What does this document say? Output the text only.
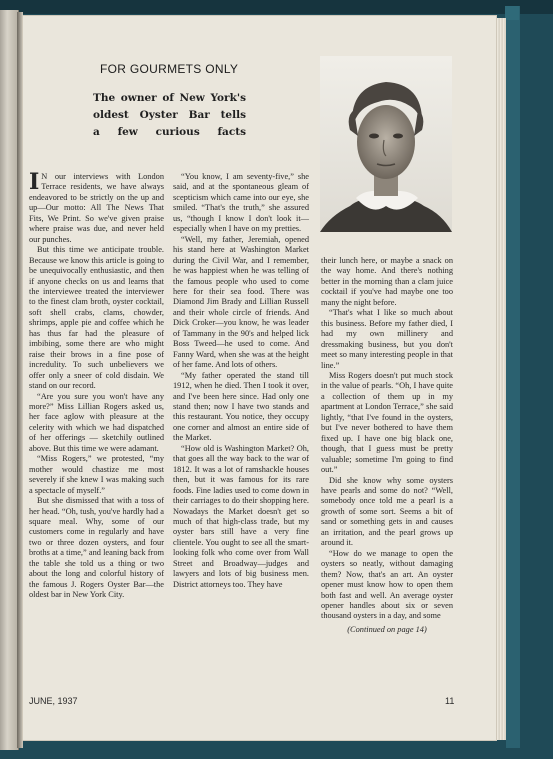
FOR GOURMETS ONLY
The owner of New York's
oldest Oyster Bar tells
a few curious facts

I N our interviews with London Terrace residents, we have always endeavored to be strictly on the up and up—Our motto: All The News That Fits, We Print. So we've given praise where praise was due, and never held our punches.

But this time we anticipate trouble. Because we know this article is going to be unequivocally enthusiastic, and then if anyone checks on us and learns that the interviewee treated the interviewer to the finest clam broth, oyster cocktail, soft shell crabs, clams, chowder, shrimps, apple pie and coffee which he has thus far had the pleasure of imbibing, some there are who might raise their brows in a fine pose of incredulity. To such unbelievers we offer only a sneer of cold disdain. We stand on our record.

“Are you sure you won't have any more?” Miss Lillian Rogers asked us, her face aglow with pleasure at the celerity with which we had dispatched of her offerings — sketchily outlined above. But this time we were adamant.

“Miss Rogers,” we protested, “my mother would chastize me most severely if she knew I was making such a spectacle of myself.”

But she dismissed that with a toss of her head. “Oh, tush, you've hardly had a square meal. Why, some of our customers come in regularly and have two or three dozen oysters, and four broths at a time,” and leaning back from the table she told us a thing or two about the long and colorful history of the famous J. Rogers Oyster Bar—the oldest bar in New York City.

“You know, I am seventy-five,” she said, and at the spontaneous gleam of scepticism which came into our eye, she smiled. “That's the truth,” she assured us, “though I know I don't look it—especially when I have on my pretties.

“Well, my father, Jeremiah, opened his stand here at Washington Market during the Civil War, and I remember, he was happiest when he was telling of the famous people who used to come here for their sea food. There was Diamond Jim Brady and Lillian Russell and their whole circle of friends. And Dick Croker—you know, he was leader of Tammany in the 90's and helped lick Boss Tweed—he used to come. And Fanny Ward, when she was at the height of her fame. And lots of others.

“My father operated the stand till 1912, when he died. Then I took it over, and I've been here since. Had only one stand then; now I have two stands and this restaurant. You notice, they occupy one corner and almost an entire side of the Market.

“How old is Washington Market? Oh, that goes all the way back to the war of 1812. It was a lot of ramshackle houses then, but it was famous for its rare foods. Fine ladies used to come down in their carriages to do their shopping here. Nowadays the Market doesn't get so much of that high-class trade, but my oyster bars still have a very fine clientele. You ought to see all the smart-looking folk who come over from Wall Street and Broadway—judges and lawyers and lots of big business men. District attorneys too. They have

their lunch here, or maybe a snack on the way home. And there's nothing better in the morning than a clam juice cocktail if you've had maybe one too many the night before.

“That's what I like so much about this business. Before my father died, I had my own millinery and dressmaking business, but you don't meet so many interesting people in that line.”

Miss Rogers doesn't put much stock in the value of pearls. “Oh, I have quite a collection of them up in my apartment at London Terrace,” she said lightly, “that I've found in the oysters, but I've never bothered to have them fixed up. I have one big black one, though, that I guess must be pretty valuable; sometime I'm going to find out.”

Did she know why some oysters have pearls and some do not? “Well, somebody once told me a pearl is a growth of some sort. Seems a bit of sand or something gets in and causes an irritation, and the pearl grows up around it.

“How do we manage to open the oysters so neatly, without damaging them? Now, that's an art. An oyster opener must know how to open them both fast and well. An average oyster opener handles about six or seven thousand oysters in a day, and some

(Continued on page 14)

JUNE, 1937	11
